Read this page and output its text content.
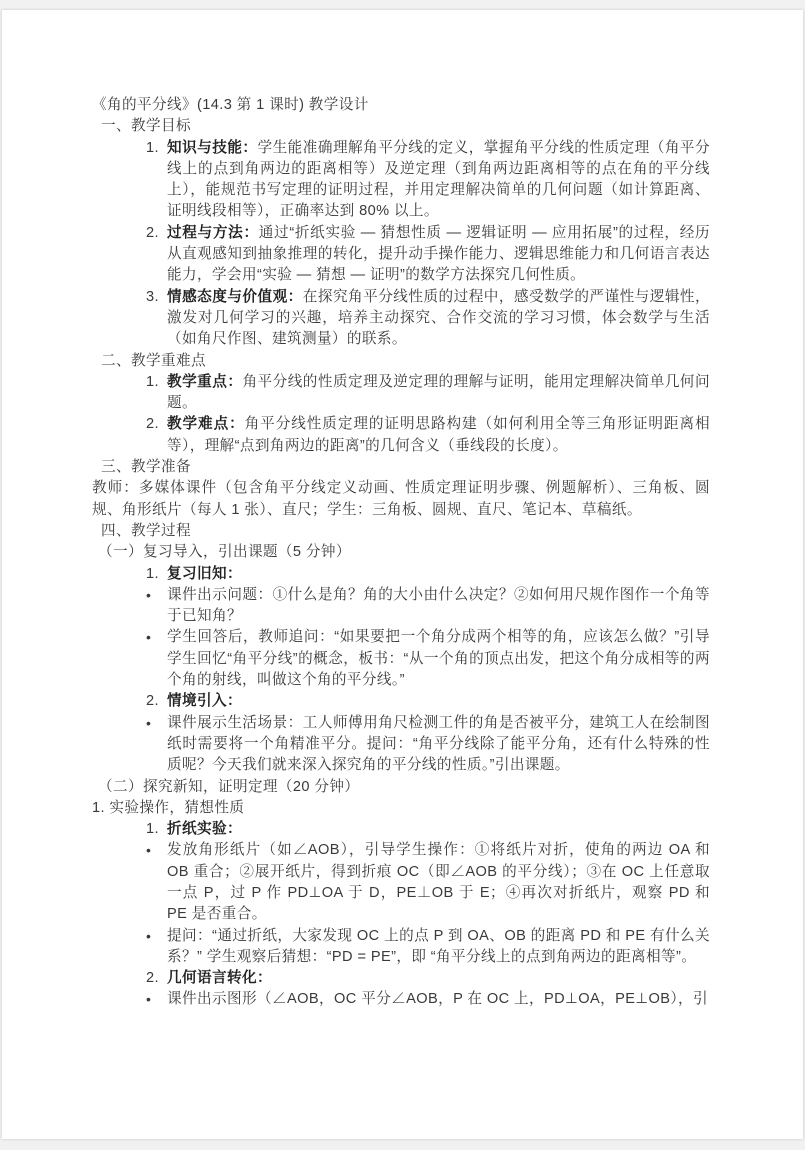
《角的平分线》(14.3 第 1 课时) 教学设计
一、教学目标
1. 知识与技能：学生能准确理解角平分线的定义，掌握角平分线的性质定理（角平分线上的点到角两边的距离相等）及逆定理（到角两边距离相等的点在角的平分线上），能规范书写定理的证明过程，并用定理解决简单的几何问题（如计算距离、证明线段相等），正确率达到 80% 以上。
2. 过程与方法：通过“折纸实验 — 猜想性质 — 逻辑证明 — 应用拓展”的过程，经历从直观感知到抽象推理的转化，提升动手操作能力、逻辑思维能力和几何语言表达能力，学会用“实验 — 猜想 — 证明”的数学方法探究几何性质。
3. 情感态度与价值观：在探究角平分线性质的过程中，感受数学的严谨性与逻辑性，激发对几何学习的兴趣，培养主动探究、合作交流的学习习惯，体会数学与生活（如角尺作图、建筑测量）的联系。
二、教学重难点
1. 教学重点：角平分线的性质定理及逆定理的理解与证明，能用定理解决简单几何问题。
2. 教学难点：角平分线性质定理的证明思路构建（如何利用全等三角形证明距离相等），理解“点到角两边的距离”的几何含义（垂线段的长度）。
三、教学准备
教师：多媒体课件（包含角平分线定义动画、性质定理证明步骤、例题解析）、三角板、圆规、角形纸片（每人 1 张）、直尺；学生：三角板、圆规、直尺、笔记本、草稿纸。
四、教学过程
（一）复习导入，引出课题（5 分钟）
1. 复习旧知：
• 课件出示问题：①什么是角？角的大小由什么决定？②如何用尺规作图作一个角等于已知角？
• 学生回答后，教师追问：“如果要把一个角分成两个相等的角，应该怎么做？”引导学生回忆“角平分线”的概念，板书：“从一个角的顶点出发，把这个角分成相等的两个角的射线，叫做这个角的平分线。”
2. 情境引入：
• 课件展示生活场景：工人师傅用角尺检测工件的角是否被平分，建筑工人在绘制图纸时需要将一个角精准平分。提问：“角平分线除了能平分角，还有什么特殊的性质呢？今天我们就来深入探究角的平分线的性质。”引出课题。
（二）探究新知，证明定理（20 分钟）
1. 实验操作，猜想性质
1. 折纸实验：
• 发放角形纸片（如∠AOB），引导学生操作：①将纸片对折，使角的两边 OA 和 OB 重合；②展开纸片，得到折痕 OC（即∠AOB 的平分线）；③在 OC 上任意取一点 P，过 P 作 PD⊥OA 于 D，PE⊥OB 于 E；④再次对折纸片，观察 PD 和 PE 是否重合。
• 提问：“通过折纸，大家发现 OC 上的点 P 到 OA、OB 的距离 PD 和 PE 有什么关系？” 学生观察后猜想：“PD = PE”，即 “角平分线上的点到角两边的距离相等”。
2. 几何语言转化：
• 课件出示图形（∠AOB，OC 平分∠AOB，P 在 OC 上，PD⊥OA，PE⊥OB），引
